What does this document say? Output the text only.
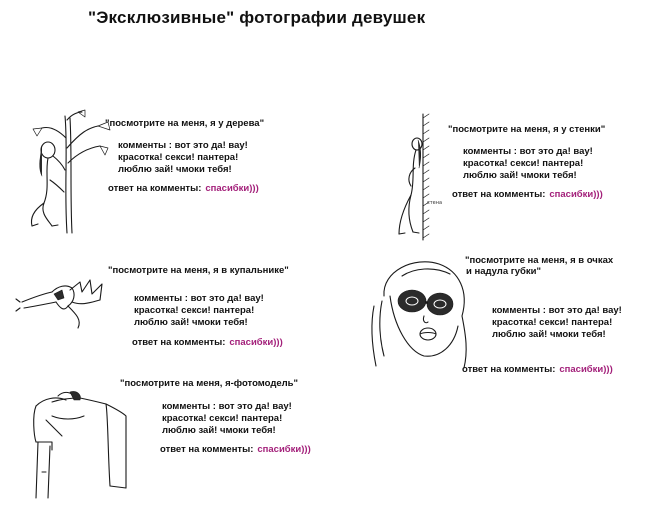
"Эксклюзивные" фотографии девушек
"посмотрите на меня, я у дерева"
комменты : вот это да! вау!
красотка! секси! пантера!
люблю зай! чмоки тебя!
ответ на комменты: спасибки)))
стена
"посмотрите на меня, я у стенки"
комменты : вот это да! вау!
красотка! секси! пантера!
люблю зай! чмоки тебя!
ответ на комменты: спасибки)))
"посмотрите на меня, я в купальнике"
комменты : вот это да! вау!
красотка! секси! пантера!
люблю зай! чмоки тебя!
ответ на комменты: спасибки)))
"посмотрите на меня, я в очках
и надула губки"
комменты : вот это да! вау!
красотка! секси! пантера!
люблю зай! чмоки тебя!
ответ на комменты: спасибки)))
"посмотрите на меня, я-фотомодель"
комменты : вот это да! вау!
красотка! секси! пантера!
люблю зай! чмоки тебя!
ответ на комменты: спасибки)))
